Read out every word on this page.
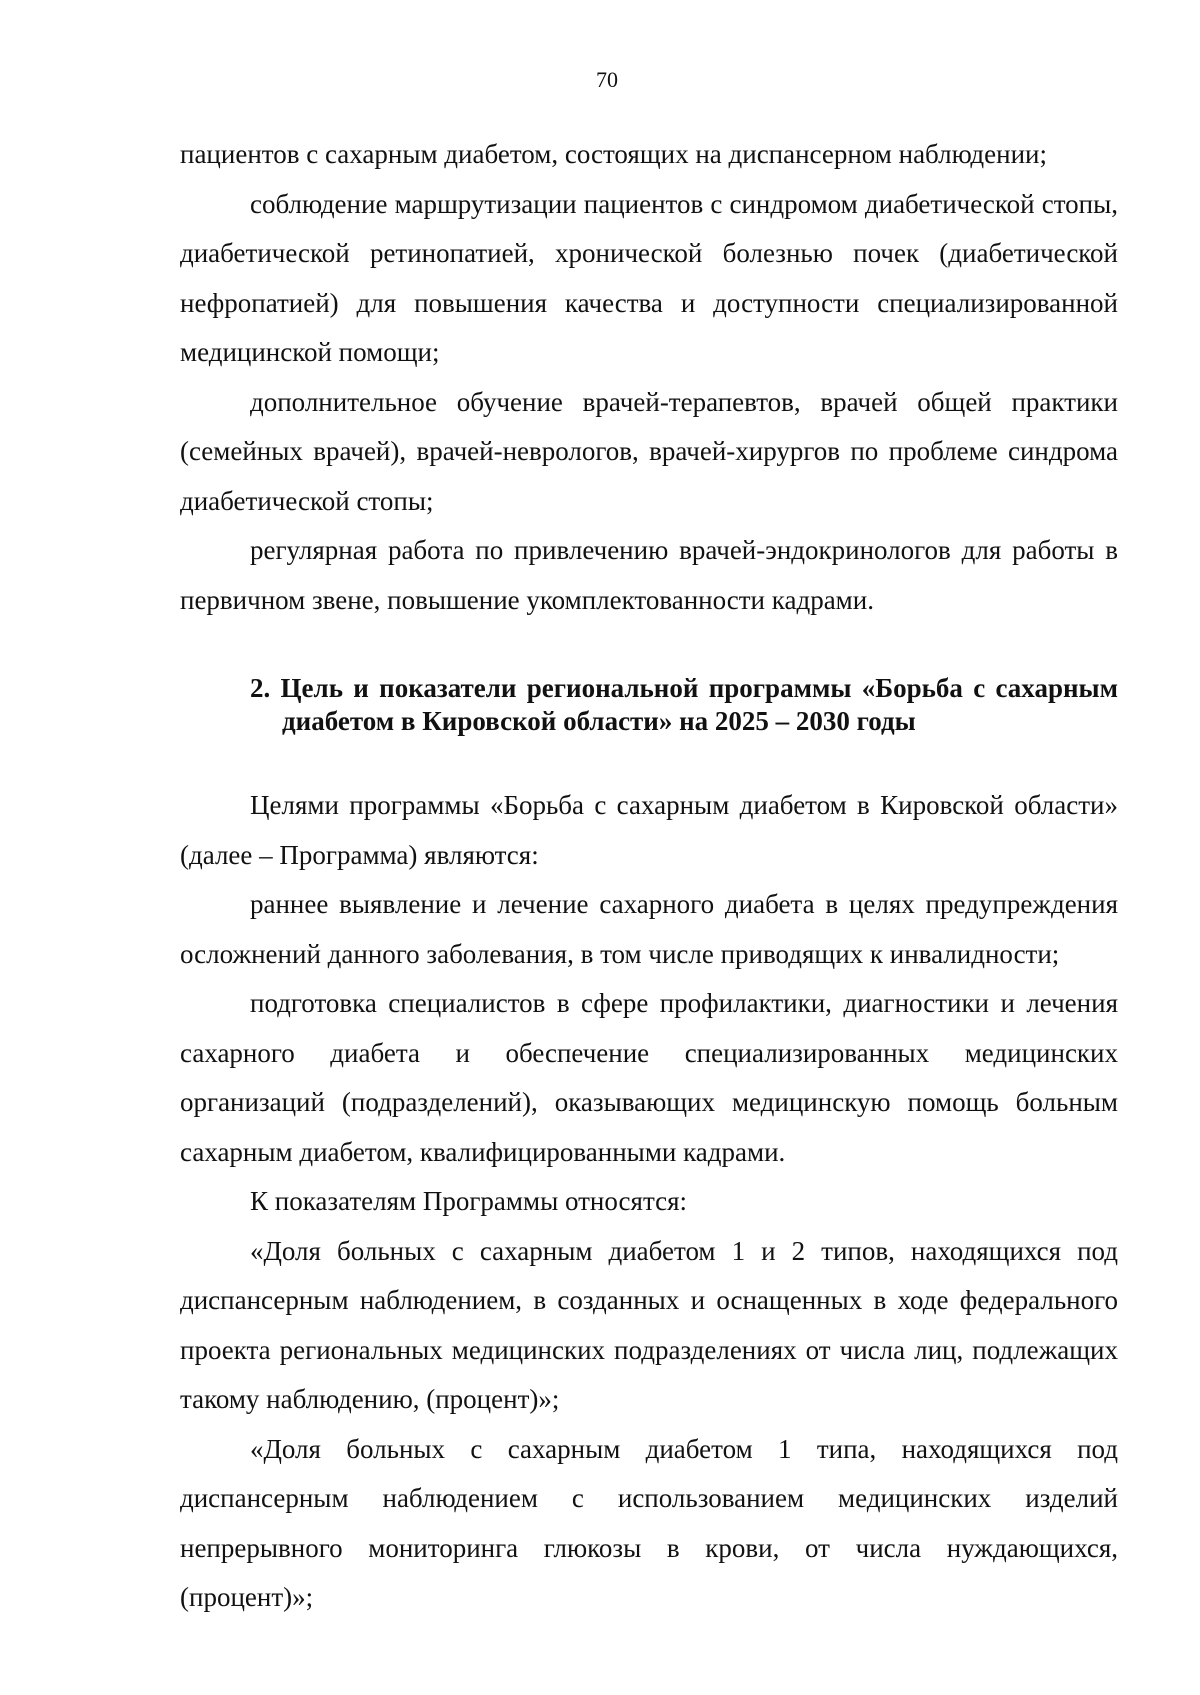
70

пациентов с сахарным диабетом, состоящих на диспансерном наблюдении;

соблюдение маршрутизации пациентов с синдромом диабетической стопы, диабетической ретинопатией, хронической болезнью почек (диабетической нефропатией) для повышения качества и доступности специализированной медицинской помощи;

дополнительное обучение врачей-терапевтов, врачей общей практики (семейных врачей), врачей-неврологов, врачей-хирургов по проблеме синдрома диабетической стопы;

регулярная работа по привлечению врачей-эндокринологов для работы в первичном звене, повышение укомплектованности кадрами.

2. Цель и показатели региональной программы «Борьба с сахарным
диабетом в Кировской области» на 2025 – 2030 годы

Целями программы «Борьба с сахарным диабетом в Кировской области» (далее – Программа) являются:

раннее выявление и лечение сахарного диабета в целях предупреждения осложнений данного заболевания, в том числе приводящих к инвалидности;

подготовка специалистов в сфере профилактики, диагностики и лечения сахарного диабета и обеспечение специализированных медицинских организаций (подразделений), оказывающих медицинскую помощь больным сахарным диабетом, квалифицированными кадрами.

К показателям Программы относятся:

«Доля больных с сахарным диабетом 1 и 2 типов, находящихся под диспансерным наблюдением, в созданных и оснащенных в ходе федерального проекта региональных медицинских подразделениях от числа лиц, подлежащих такому наблюдению, (процент)»;

«Доля больных с сахарным диабетом 1 типа, находящихся под диспансерным наблюдением с использованием медицинских изделий непрерывного мониторинга глюкозы в крови, от числа нуждающихся, (процент)»;
